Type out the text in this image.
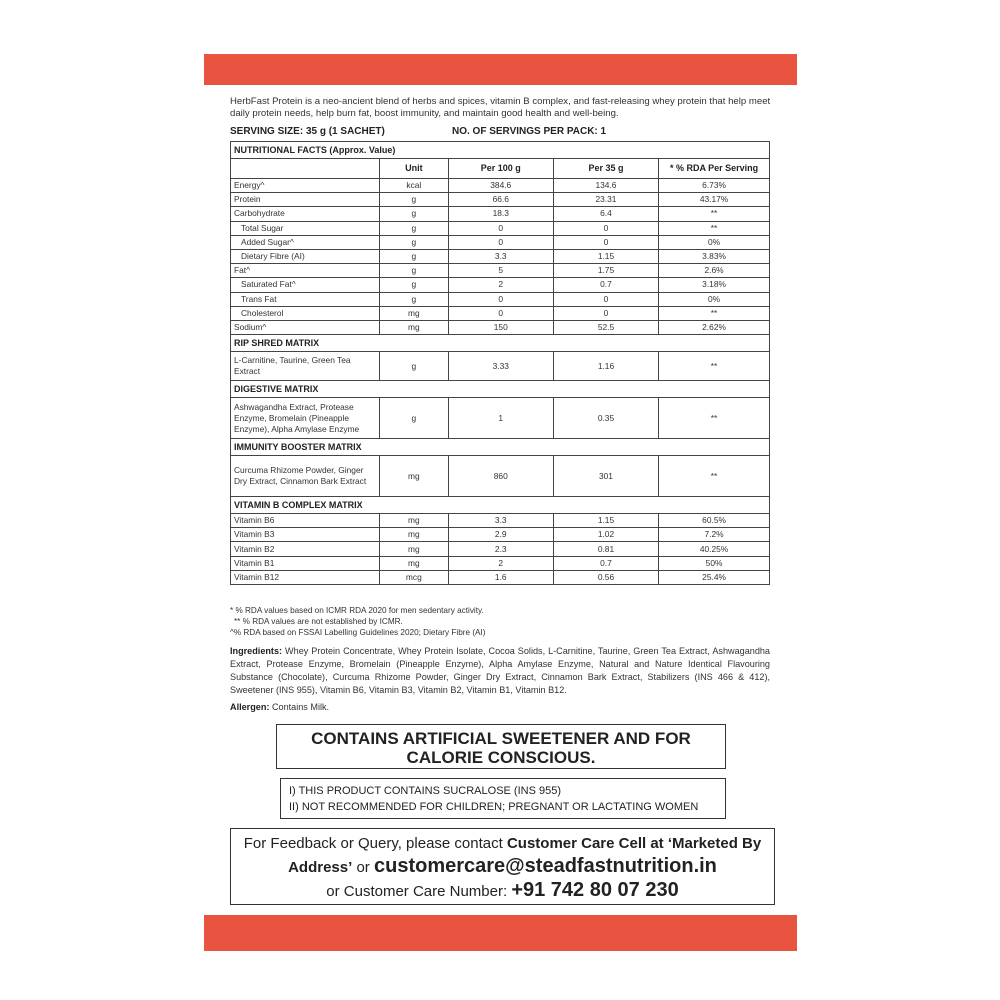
HerbFast Protein is a neo-ancient blend of herbs and spices, vitamin B complex, and fast-releasing whey protein that help meet daily protein needs, help burn fat, boost immunity, and maintain good health and well-being.
SERVING SIZE: 35 g (1 SACHET)	NO. OF SERVINGS PER PACK: 1
NUTRITIONAL FACTS (Approx. Value)				
	Unit	Per 100 g	Per 35 g	* % RDA Per Serving
Energy^	kcal	384.6	134.6	6.73%
Protein	g	66.6	23.31	43.17%
Carbohydrate	g	18.3	6.4	**
Total Sugar	g	0	0	**
Added Sugar^	g	0	0	0%
Dietary Fibre (AI)	g	3.3	1.15	3.83%
Fat^	g	5	1.75	2.6%
Saturated Fat^	g	2	0.7	3.18%
Trans Fat	g	0	0	0%
Cholesterol	mg	0	0	**
Sodium^	mg	150	52.5	2.62%
RIP SHRED MATRIX				
L-Carnitine, Taurine, Green Tea Extract	g	3.33	1.16	**
DIGESTIVE MATRIX				
Ashwagandha Extract, Protease Enzyme, Bromelain (Pineapple Enzyme), Alpha Amylase Enzyme	g	1	0.35	**
IMMUNITY BOOSTER MATRIX				
Curcuma Rhizome Powder, Ginger Dry Extract, Cinnamon Bark Extract	mg	860	301	**
VITAMIN B COMPLEX MATRIX				
Vitamin B6	mg	3.3	1.15	60.5%
Vitamin B3	mg	2.9	1.02	7.2%
Vitamin B2	mg	2.3	0.81	40.25%
Vitamin B1	mg	2	0.7	50%
Vitamin B12	mcg	1.6	0.56	25.4%
* % RDA values based on ICMR RDA 2020 for men sedentary activity.
** % RDA values are not established by ICMR.
^% RDA based on FSSAI Labelling Guidelines 2020; Dietary Fibre (AI)
Ingredients: Whey Protein Concentrate, Whey Protein Isolate, Cocoa Solids, L-Carnitine, Taurine, Green Tea Extract, Ashwagandha Extract, Protease Enzyme, Bromelain (Pineapple Enzyme), Alpha Amylase Enzyme, Natural and Nature Identical Flavouring Substance (Chocolate), Curcuma Rhizome Powder, Ginger Dry Extract, Cinnamon Bark Extract, Stabilizers (INS 466 & 412), Sweetener (INS 955), Vitamin B6, Vitamin B3, Vitamin B2, Vitamin B1, Vitamin B12.
Allergen: Contains Milk.
CONTAINS ARTIFICIAL SWEETENER AND FOR
CALORIE CONSCIOUS.
I) THIS PRODUCT CONTAINS SUCRALOSE (INS 955)
II) NOT RECOMMENDED FOR CHILDREN; PREGNANT OR LACTATING WOMEN
For Feedback or Query, please contact Customer Care Cell at ‘Marketed By
Address’ or customercare@steadfastnutrition.in
or Customer Care Number: +91 742 80 07 230
